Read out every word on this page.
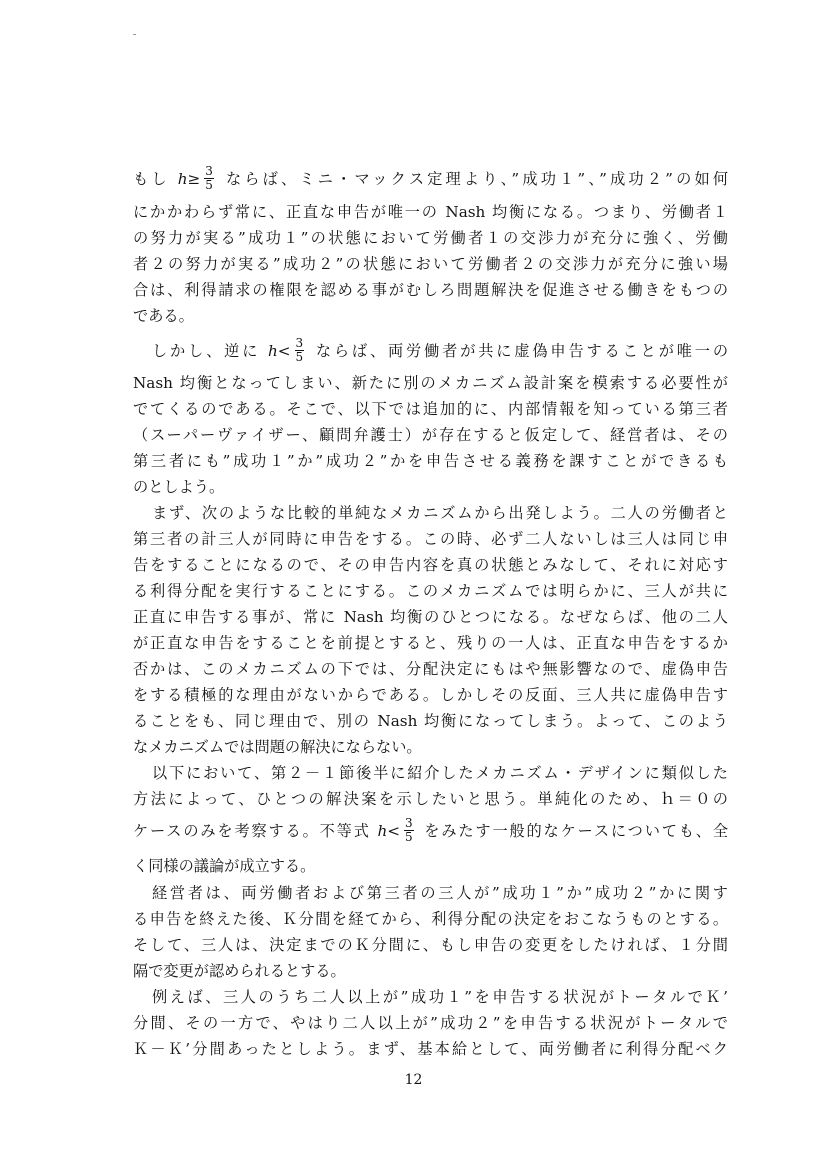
もし $h\ge \frac{3}{5}$ ならば、ミニ・マックス定理より、”成功１”、”成功２”の如何
にかかわらず常に、正直な申告が唯一の Nash 均衡になる。つまり、労働者１
の努力が実る”成功１”の状態において労働者１の交渉力が充分に強く、労働
者２の努力が実る”成功２”の状態において労働者２の交渉力が充分に強い場
合は、利得請求の権限を認める事がむしろ問題解決を促進させる働きをもつの
である。
しかし、逆に $h< \frac{3}{5}$ ならば、両労働者が共に虚偽申告することが唯一の
Nash 均衡となってしまい、新たに別のメカニズム設計案を模索する必要性が
でてくるのである。そこで、以下では追加的に、内部情報を知っている第三者
（スーパーヴァイザー、顧問弁護士）が存在すると仮定して、経営者は、その
第三者にも”成功１”か”成功２”かを申告させる義務を課すことができるも
のとしよう。
まず、次のような比較的単純なメカニズムから出発しよう。二人の労働者と
第三者の計三人が同時に申告をする。この時、必ず二人ないしは三人は同じ申
告をすることになるので、その申告内容を真の状態とみなして、それに対応す
る利得分配を実行することにする。このメカニズムでは明らかに、三人が共に
正直に申告する事が、常に Nash 均衡のひとつになる。なぜならば、他の二人
が正直な申告をすることを前提とすると、残りの一人は、正直な申告をするか
否かは、このメカニズムの下では、分配決定にもはや無影響なので、虚偽申告
をする積極的な理由がないからである。しかしその反面、三人共に虚偽申告す
ることをも、同じ理由で、別の Nash 均衡になってしまう。よって、このよう
なメカニズムでは問題の解決にならない。
以下において、第２－１節後半に紹介したメカニズム・デザインに類似した
方法によって、ひとつの解決案を示したいと思う。単純化のため、ｈ＝０の
ケースのみを考察する。不等式 $h< \frac{3}{5}$ をみたす一般的なケースについても、全
く同様の議論が成立する。
経営者は、両労働者および第三者の三人が”成功１”か”成功２”かに関す
る申告を終えた後、Ｋ分間を経てから、利得分配の決定をおこなうものとする。
そして、三人は、決定までのＫ分間に、もし申告の変更をしたければ、１分間
隔で変更が認められるとする。
例えば、三人のうち二人以上が”成功１”を申告する状況がトータルでＫ’
分間、その一方で、やはり二人以上が”成功２”を申告する状況がトータルで
Ｋ－Ｋ’分間あったとしよう。まず、基本給として、両労働者に利得分配ベク
12
